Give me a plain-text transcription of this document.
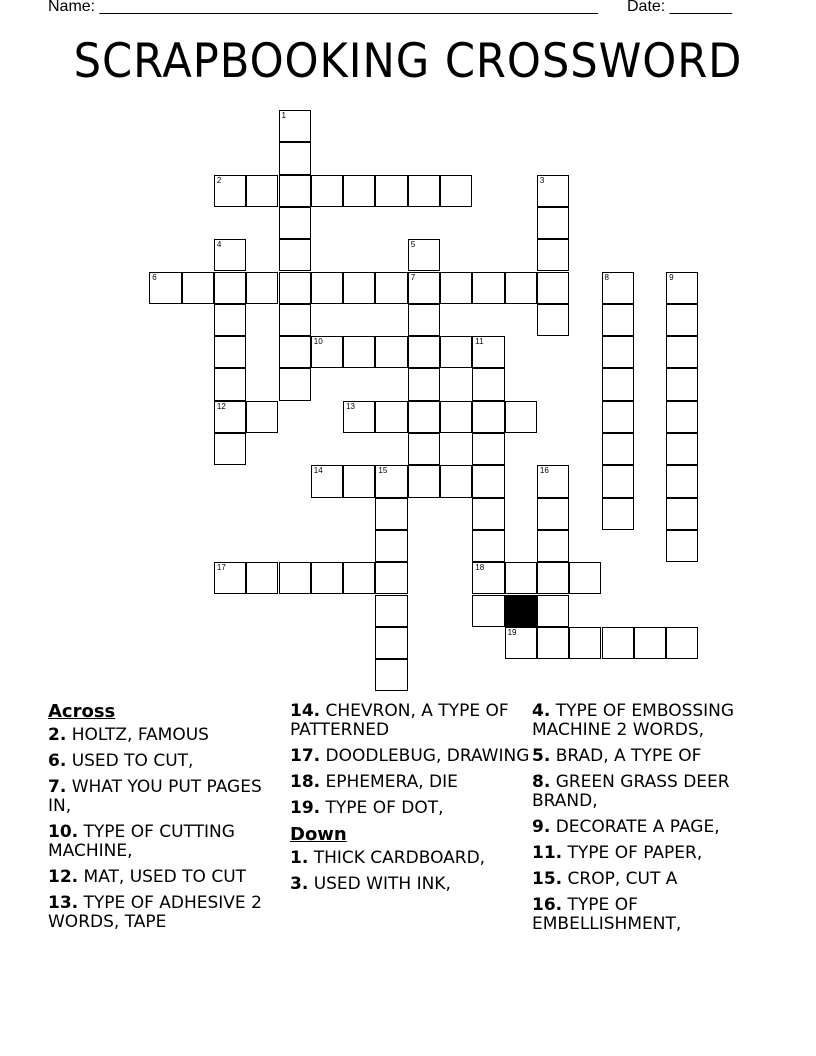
Name: ________________________________________________________ Date: _______
SCRAPBOOKING CROSSWORD
1
2	3
4
12
5
7
6	8	9
10	11
18
13
14	15	16
17
19
Across
2. HOLTZ, FAMOUS
6. USED TO CUT,
7. WHAT YOU PUT PAGES IN,
10. TYPE OF CUTTING MACHINE,
12. MAT, USED TO CUT
13. TYPE OF ADHESIVE 2 WORDS, TAPE
14. CHEVRON, A TYPE OF PATTERNED
17. DOODLEBUG, DRAWING
18. EPHEMERA, DIE
19. TYPE OF DOT,
Down
1. THICK CARDBOARD,
3. USED WITH INK,
4. TYPE OF EMBOSSING MACHINE 2 WORDS,
5. BRAD, A TYPE OF
8. GREEN GRASS DEER BRAND,
9. DECORATE A PAGE,
11. TYPE OF PAPER,
15. CROP, CUT A
16. TYPE OF EMBELLISHMENT,
